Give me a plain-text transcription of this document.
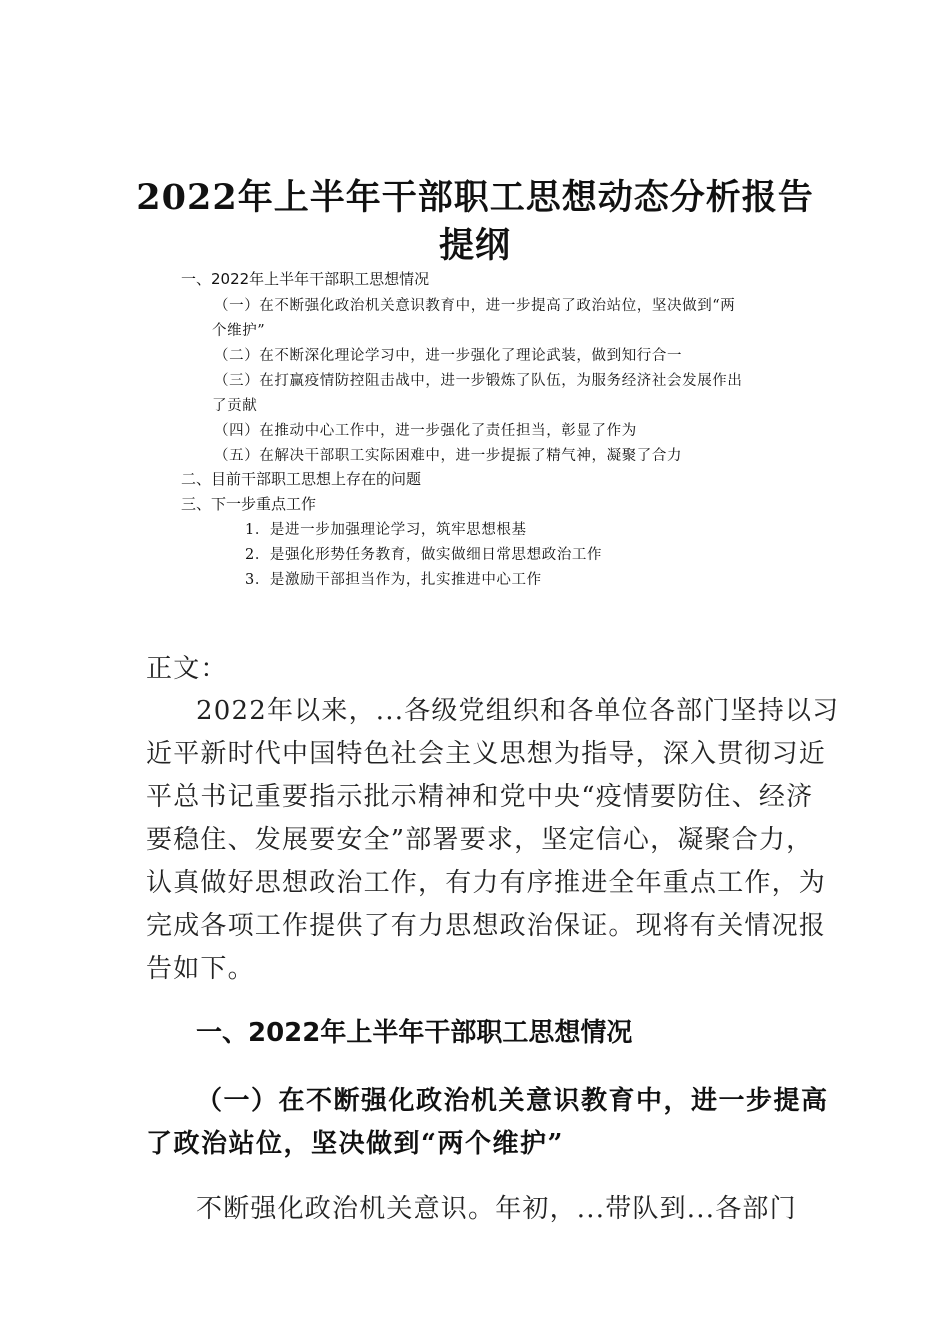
2022年上半年干部职工思想动态分析报告
提纲
一、2022年上半年干部职工思想情况
（一）在不断强化政治机关意识教育中，进一步提高了政治站位，坚决做到“两
个维护”
（二）在不断深化理论学习中，进一步强化了理论武装，做到知行合一
（三）在打赢疫情防控阻击战中，进一步锻炼了队伍，为服务经济社会发展作出
了贡献
（四）在推动中心工作中，进一步强化了责任担当，彰显了作为
（五）在解决干部职工实际困难中，进一步提振了精气神，凝聚了合力
二、目前干部职工思想上存在的问题
三、下一步重点工作
1．是进一步加强理论学习，筑牢思想根基
2．是强化形势任务教育，做实做细日常思想政治工作
3．是激励干部担当作为，扎实推进中心工作
正文：
2022年以来，...各级党组织和各单位各部门坚持以习
近平新时代中国特色社会主义思想为指导，深入贯彻习近
平总书记重要指示批示精神和党中央“疫情要防住、经济
要稳住、发展要安全”部署要求，坚定信心，凝聚合力，
认真做好思想政治工作，有力有序推进全年重点工作，为
完成各项工作提供了有力思想政治保证。现将有关情况报
告如下。
一、2022年上半年干部职工思想情况
（一）在不断强化政治机关意识教育中，进一步提高
了政治站位，坚决做到“两个维护”
不断强化政治机关意识。年初，...带队到...各部门
